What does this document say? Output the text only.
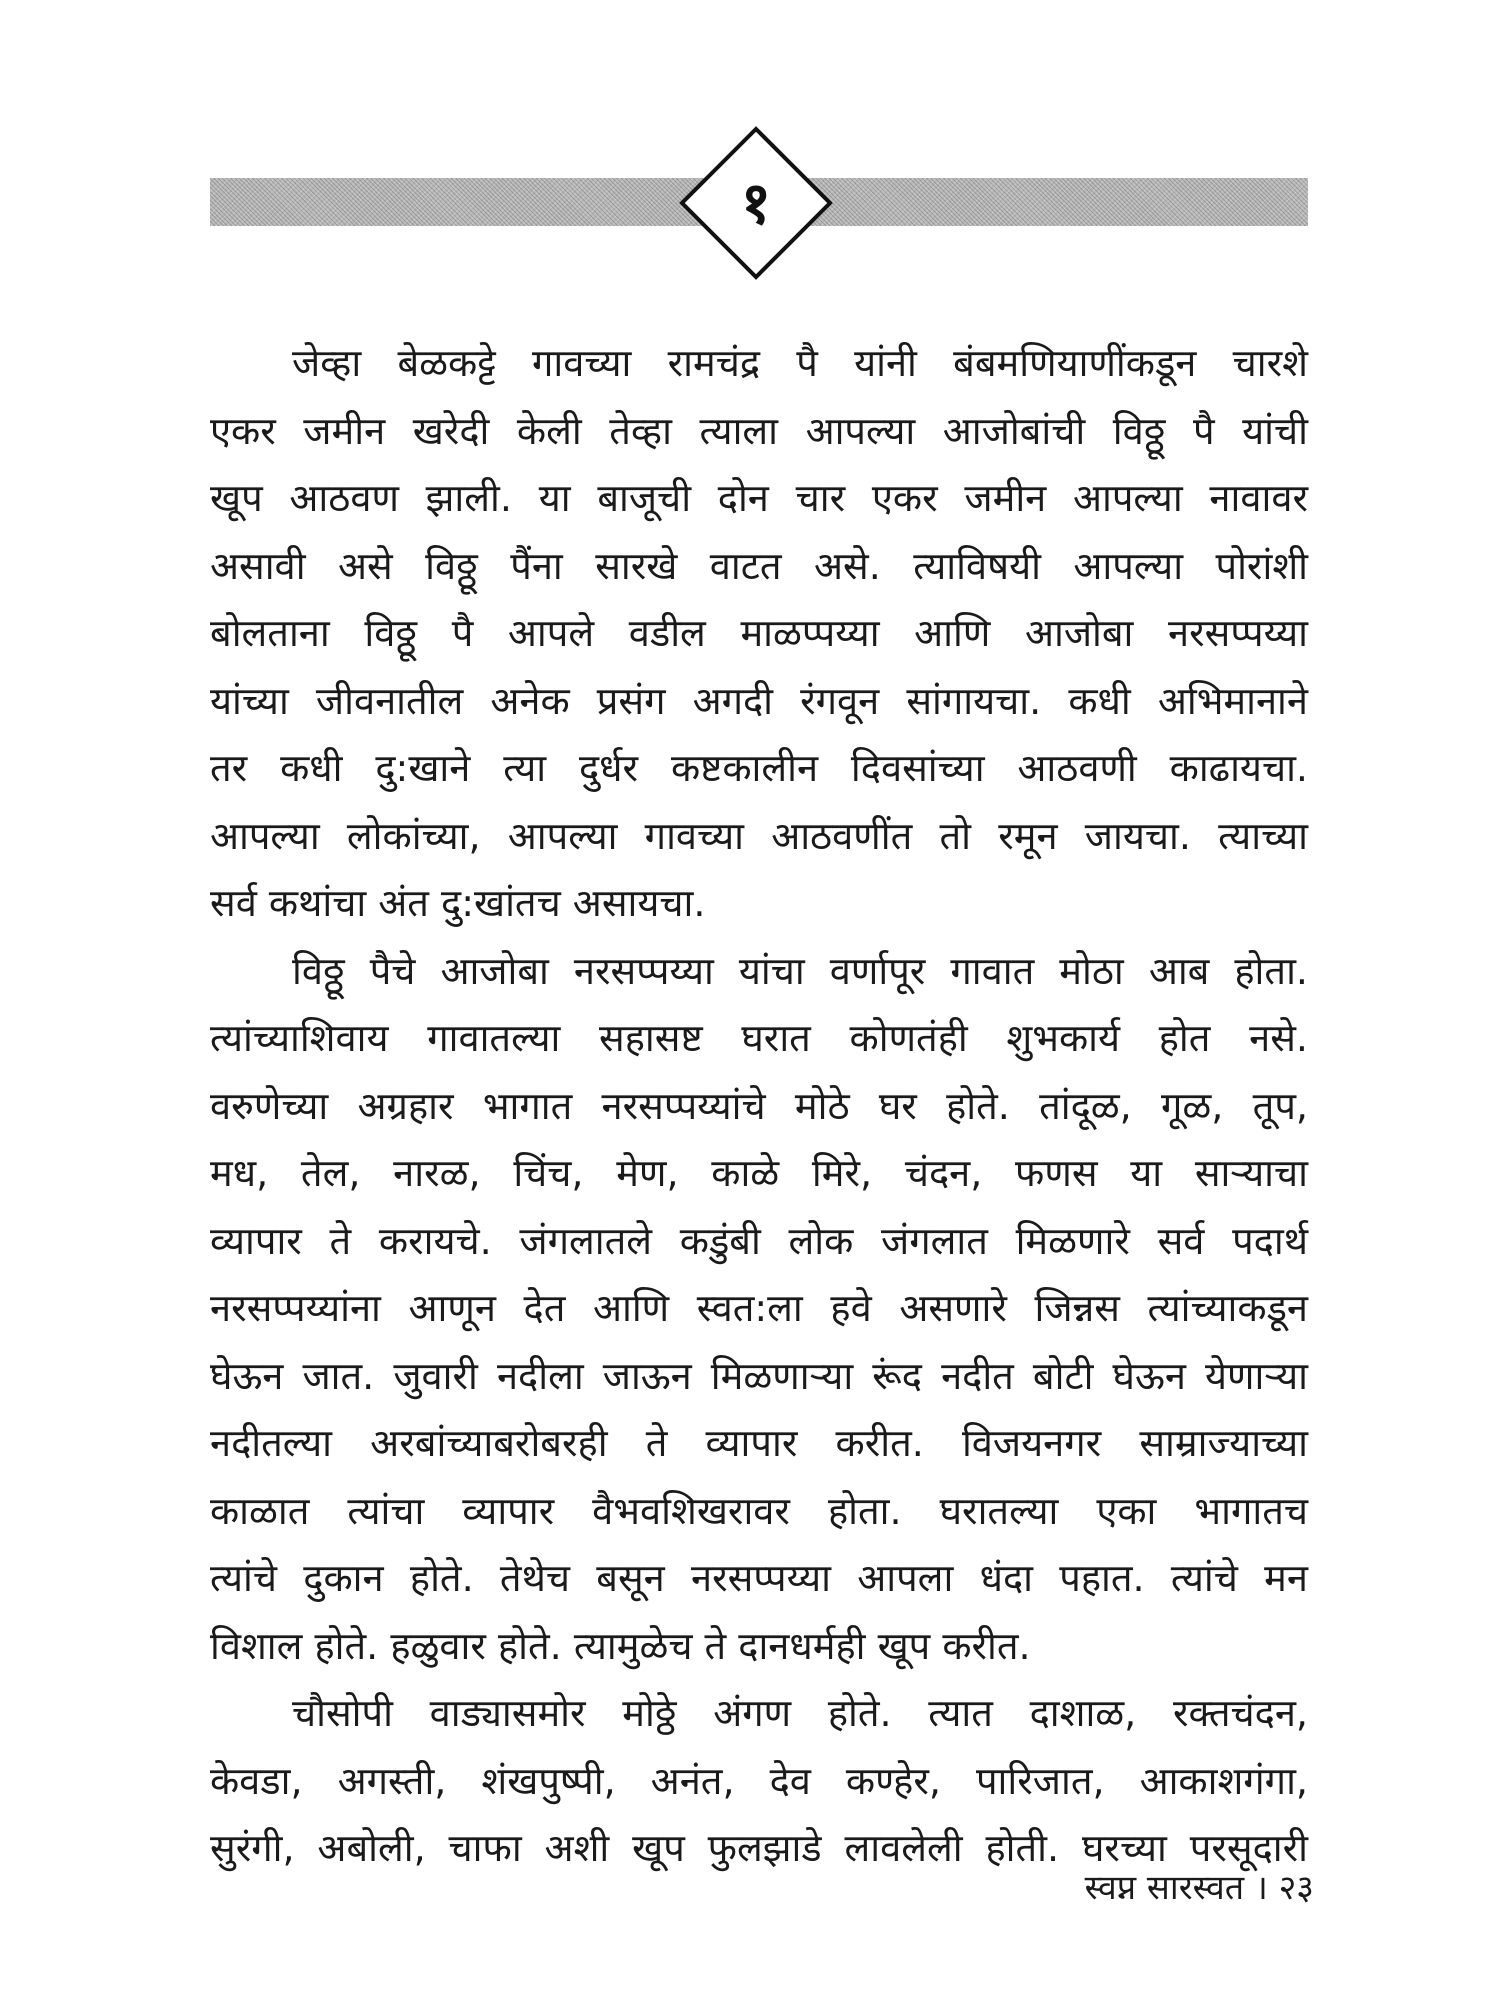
१
जेव्हा बेळकट्टे गावच्या रामचंद्र पै यांनी बंबमणियाणींकडून चारशे
एकर जमीन खरेदी केली तेव्हा त्याला आपल्या आजोबांची विठ्ठू पै यांची
खूप आठवण झाली. या बाजूची दोन चार एकर जमीन आपल्या नावावर
असावी असे विठ्ठू पैंना सारखे वाटत असे. त्याविषयी आपल्या पोरांशी
बोलताना विठ्ठू पै आपले वडील माळप्पय्या आणि आजोबा नरसप्पय्या
यांच्या जीवनातील अनेक प्रसंग अगदी रंगवून सांगायचा. कधी अभिमानाने
तर कधी दु:खाने त्या दुर्धर कष्टकालीन दिवसांच्या आठवणी काढायचा.
आपल्या लोकांच्या, आपल्या गावच्या आठवणींत तो रमून जायचा. त्याच्या
सर्व कथांचा अंत दु:खांतच असायचा.
विठ्ठू पैचे आजोबा नरसप्पय्या यांचा वर्णापूर गावात मोठा आब होता.
त्यांच्याशिवाय गावातल्या सहासष्ट घरात कोणतंही शुभकार्य होत नसे.
वरुणेच्या अग्रहार भागात नरसप्पय्यांचे मोठे घर होते. तांदूळ, गूळ, तूप,
मध, तेल, नारळ, चिंच, मेण, काळे मिरे, चंदन, फणस या साऱ्याचा
व्यापार ते करायचे. जंगलातले कडुंबी लोक जंगलात मिळणारे सर्व पदार्थ
नरसप्पय्यांना आणून देत आणि स्वत:ला हवे असणारे जिन्नस त्यांच्याकडून
घेऊन जात. जुवारी नदीला जाऊन मिळणाऱ्या रूंद नदीत बोटी घेऊन येणाऱ्या
नदीतल्या अरबांच्याबरोबरही ते व्यापार करीत. विजयनगर साम्राज्याच्या
काळात त्यांचा व्यापार वैभवशिखरावर होता. घरातल्या एका भागातच
त्यांचे दुकान होते. तेथेच बसून नरसप्पय्या आपला धंदा पहात. त्यांचे मन
विशाल होते. हळुवार होते. त्यामुळेच ते दानधर्मही खूप करीत.
चौसोपी वाड्यासमोर मोठ्ठे अंगण होते. त्यात दाशाळ, रक्तचंदन,
केवडा, अगस्ती, शंखपुष्पी, अनंत, देव कण्हेर, पारिजात, आकाशगंगा,
सुरंगी, अबोली, चाफा अशी खूप फुलझाडे लावलेली होती. घरच्या परसूदारी
स्वप्न सारस्वत । २३
